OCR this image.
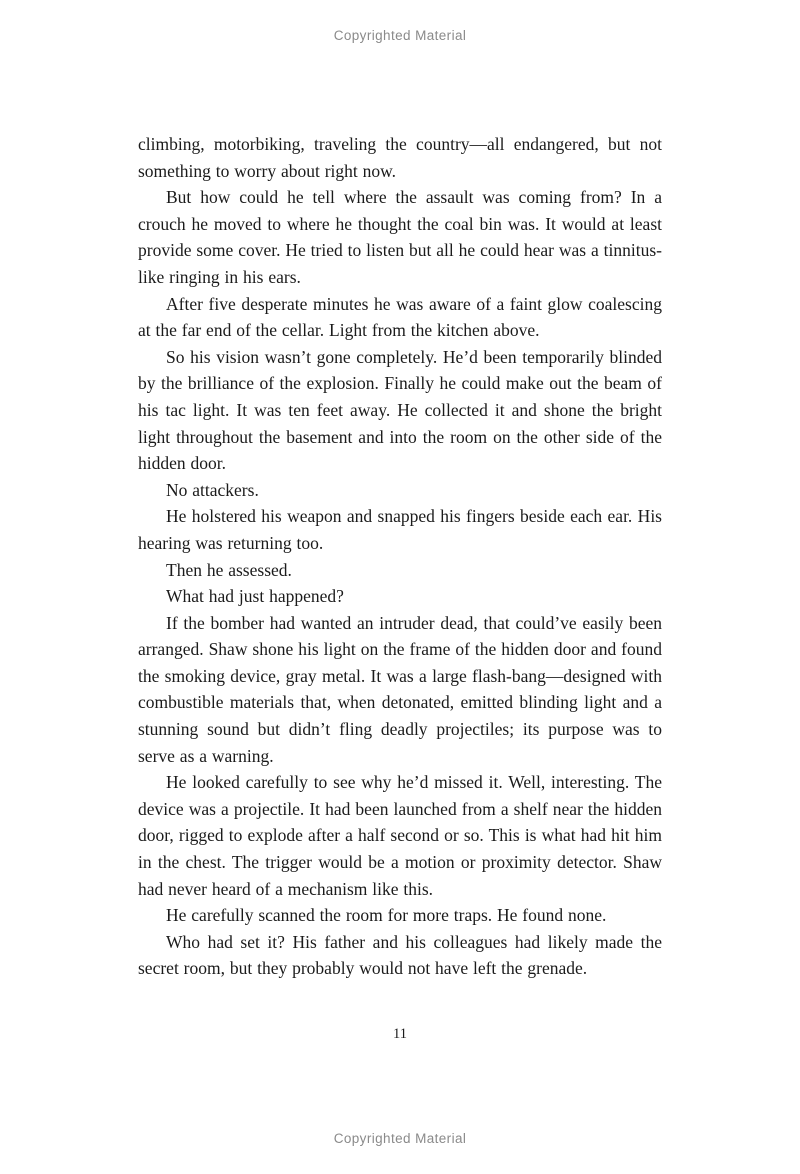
Copyrighted Material

climbing, motorbiking, traveling the country—all endangered, but not something to worry about right now.

But how could he tell where the assault was coming from? In a crouch he moved to where he thought the coal bin was. It would at least provide some cover. He tried to listen but all he could hear was a tinnitus-like ringing in his ears.

After five desperate minutes he was aware of a faint glow coalescing at the far end of the cellar. Light from the kitchen above.

So his vision wasn’t gone completely. He’d been temporarily blinded by the brilliance of the explosion. Finally he could make out the beam of his tac light. It was ten feet away. He collected it and shone the bright light throughout the basement and into the room on the other side of the hidden door.

No attackers.

He holstered his weapon and snapped his fingers beside each ear. His hearing was returning too.

Then he assessed.

What had just happened?

If the bomber had wanted an intruder dead, that could’ve easily been arranged. Shaw shone his light on the frame of the hidden door and found the smoking device, gray metal. It was a large flash-bang—designed with combustible materials that, when detonated, emitted blinding light and a stunning sound but didn’t fling deadly projectiles; its purpose was to serve as a warning.

He looked carefully to see why he’d missed it. Well, interesting. The device was a projectile. It had been launched from a shelf near the hidden door, rigged to explode after a half second or so. This is what had hit him in the chest. The trigger would be a motion or proximity detector. Shaw had never heard of a mechanism like this.

He carefully scanned the room for more traps. He found none.

Who had set it? His father and his colleagues had likely made the secret room, but they probably would not have left the grenade.

11
Copyrighted Material
